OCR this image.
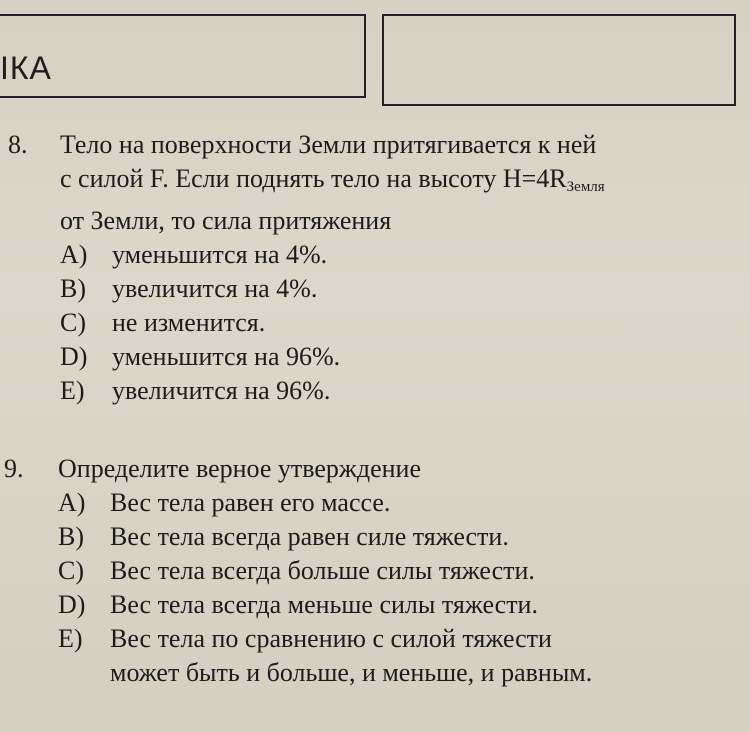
ІКА
8.	Тело на поверхности Земли притягивается к ней
с силой F. Если поднять тело на высоту $H=4R_{Земля}$
от Земли, то сила притяжения
A) уменьшится на 4%.
B)	увеличится на 4%.
C)	не изменится.
D) уменьшится на 96%.
E)	увеличится на 96%.
9.	Определите верное утверждение
A) Вес тела равен его массе.
B)	Вес тела всегда равен силе тяжести.
C)	Вес тела всегда больше силы тяжести.
D) Вес тела всегда меньше силы тяжести.
E)	Вес тела по сравнению с силой тяжести
может быть и больше, и меньше, и равным.
